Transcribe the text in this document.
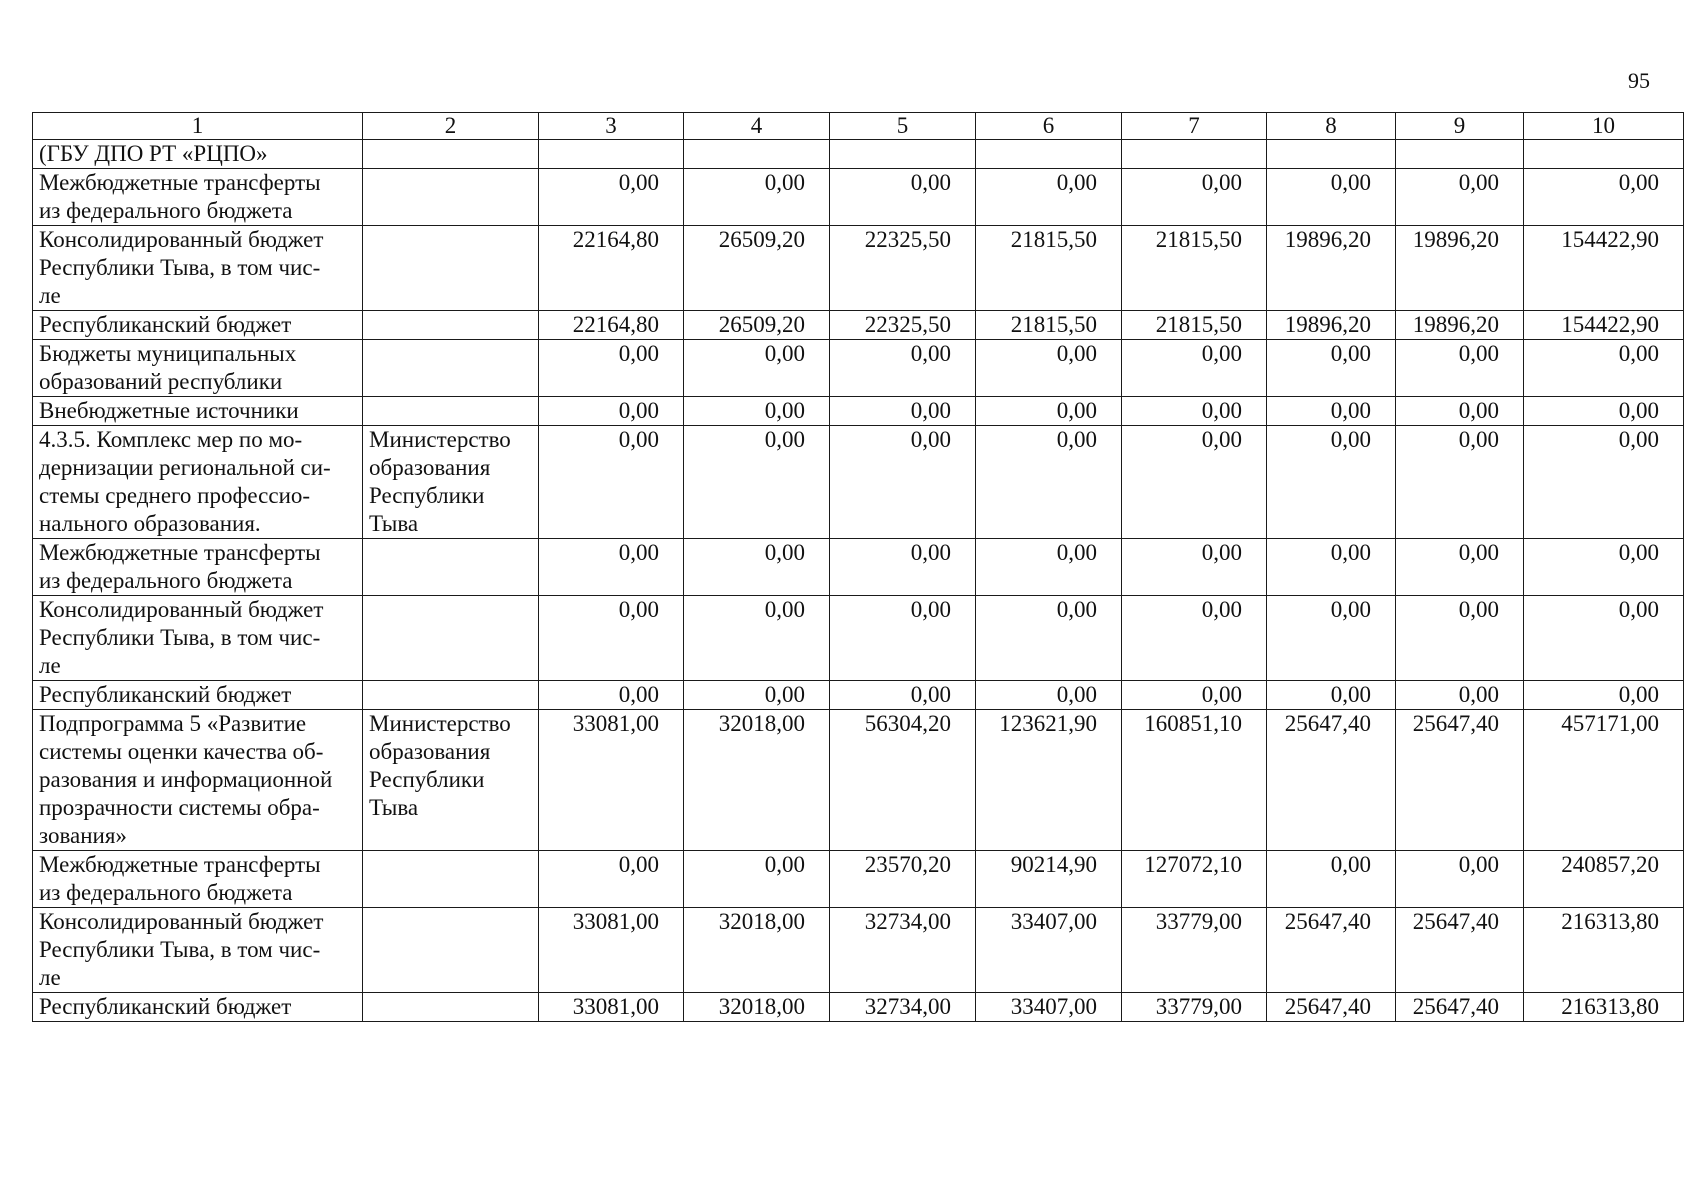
95
1	2	3	4	5	6	7	8	9	10
(ГБУ ДПО РТ «РЦПО»									
Межбюджетные трансферты
из федерального бюджета		0,00	0,00	0,00	0,00	0,00	0,00	0,00	0,00
Консолидированный бюджет
Республики Тыва, в том чис-
ле		22164,80	26509,20	22325,50	21815,50	21815,50	19896,20	19896,20	154422,90
Республиканский бюджет		22164,80	26509,20	22325,50	21815,50	21815,50	19896,20	19896,20	154422,90
Бюджеты муниципальных
образований республики		0,00	0,00	0,00	0,00	0,00	0,00	0,00	0,00
Внебюджетные источники		0,00	0,00	0,00	0,00	0,00	0,00	0,00	0,00
4.3.5. Комплекс мер по мо-
дернизации региональной си-
стемы среднего профессио-
нального образования.	Министерство
образования
Республики
Тыва	0,00	0,00	0,00	0,00	0,00	0,00	0,00	0,00
Межбюджетные трансферты
из федерального бюджета		0,00	0,00	0,00	0,00	0,00	0,00	0,00	0,00
Консолидированный бюджет
Республики Тыва, в том чис-
ле		0,00	0,00	0,00	0,00	0,00	0,00	0,00	0,00
Республиканский бюджет		0,00	0,00	0,00	0,00	0,00	0,00	0,00	0,00
Подпрограмма 5 «Развитие
системы оценки качества об-
разования и информационной
прозрачности системы обра-
зования»	Министерство
образования
Республики
Тыва	33081,00	32018,00	56304,20	123621,90	160851,10	25647,40	25647,40	457171,00
Межбюджетные трансферты
из федерального бюджета		0,00	0,00	23570,20	90214,90	127072,10	0,00	0,00	240857,20
Консолидированный бюджет
Республики Тыва, в том чис-
ле		33081,00	32018,00	32734,00	33407,00	33779,00	25647,40	25647,40	216313,80
Республиканский бюджет		33081,00	32018,00	32734,00	33407,00	33779,00	25647,40	25647,40	216313,80
